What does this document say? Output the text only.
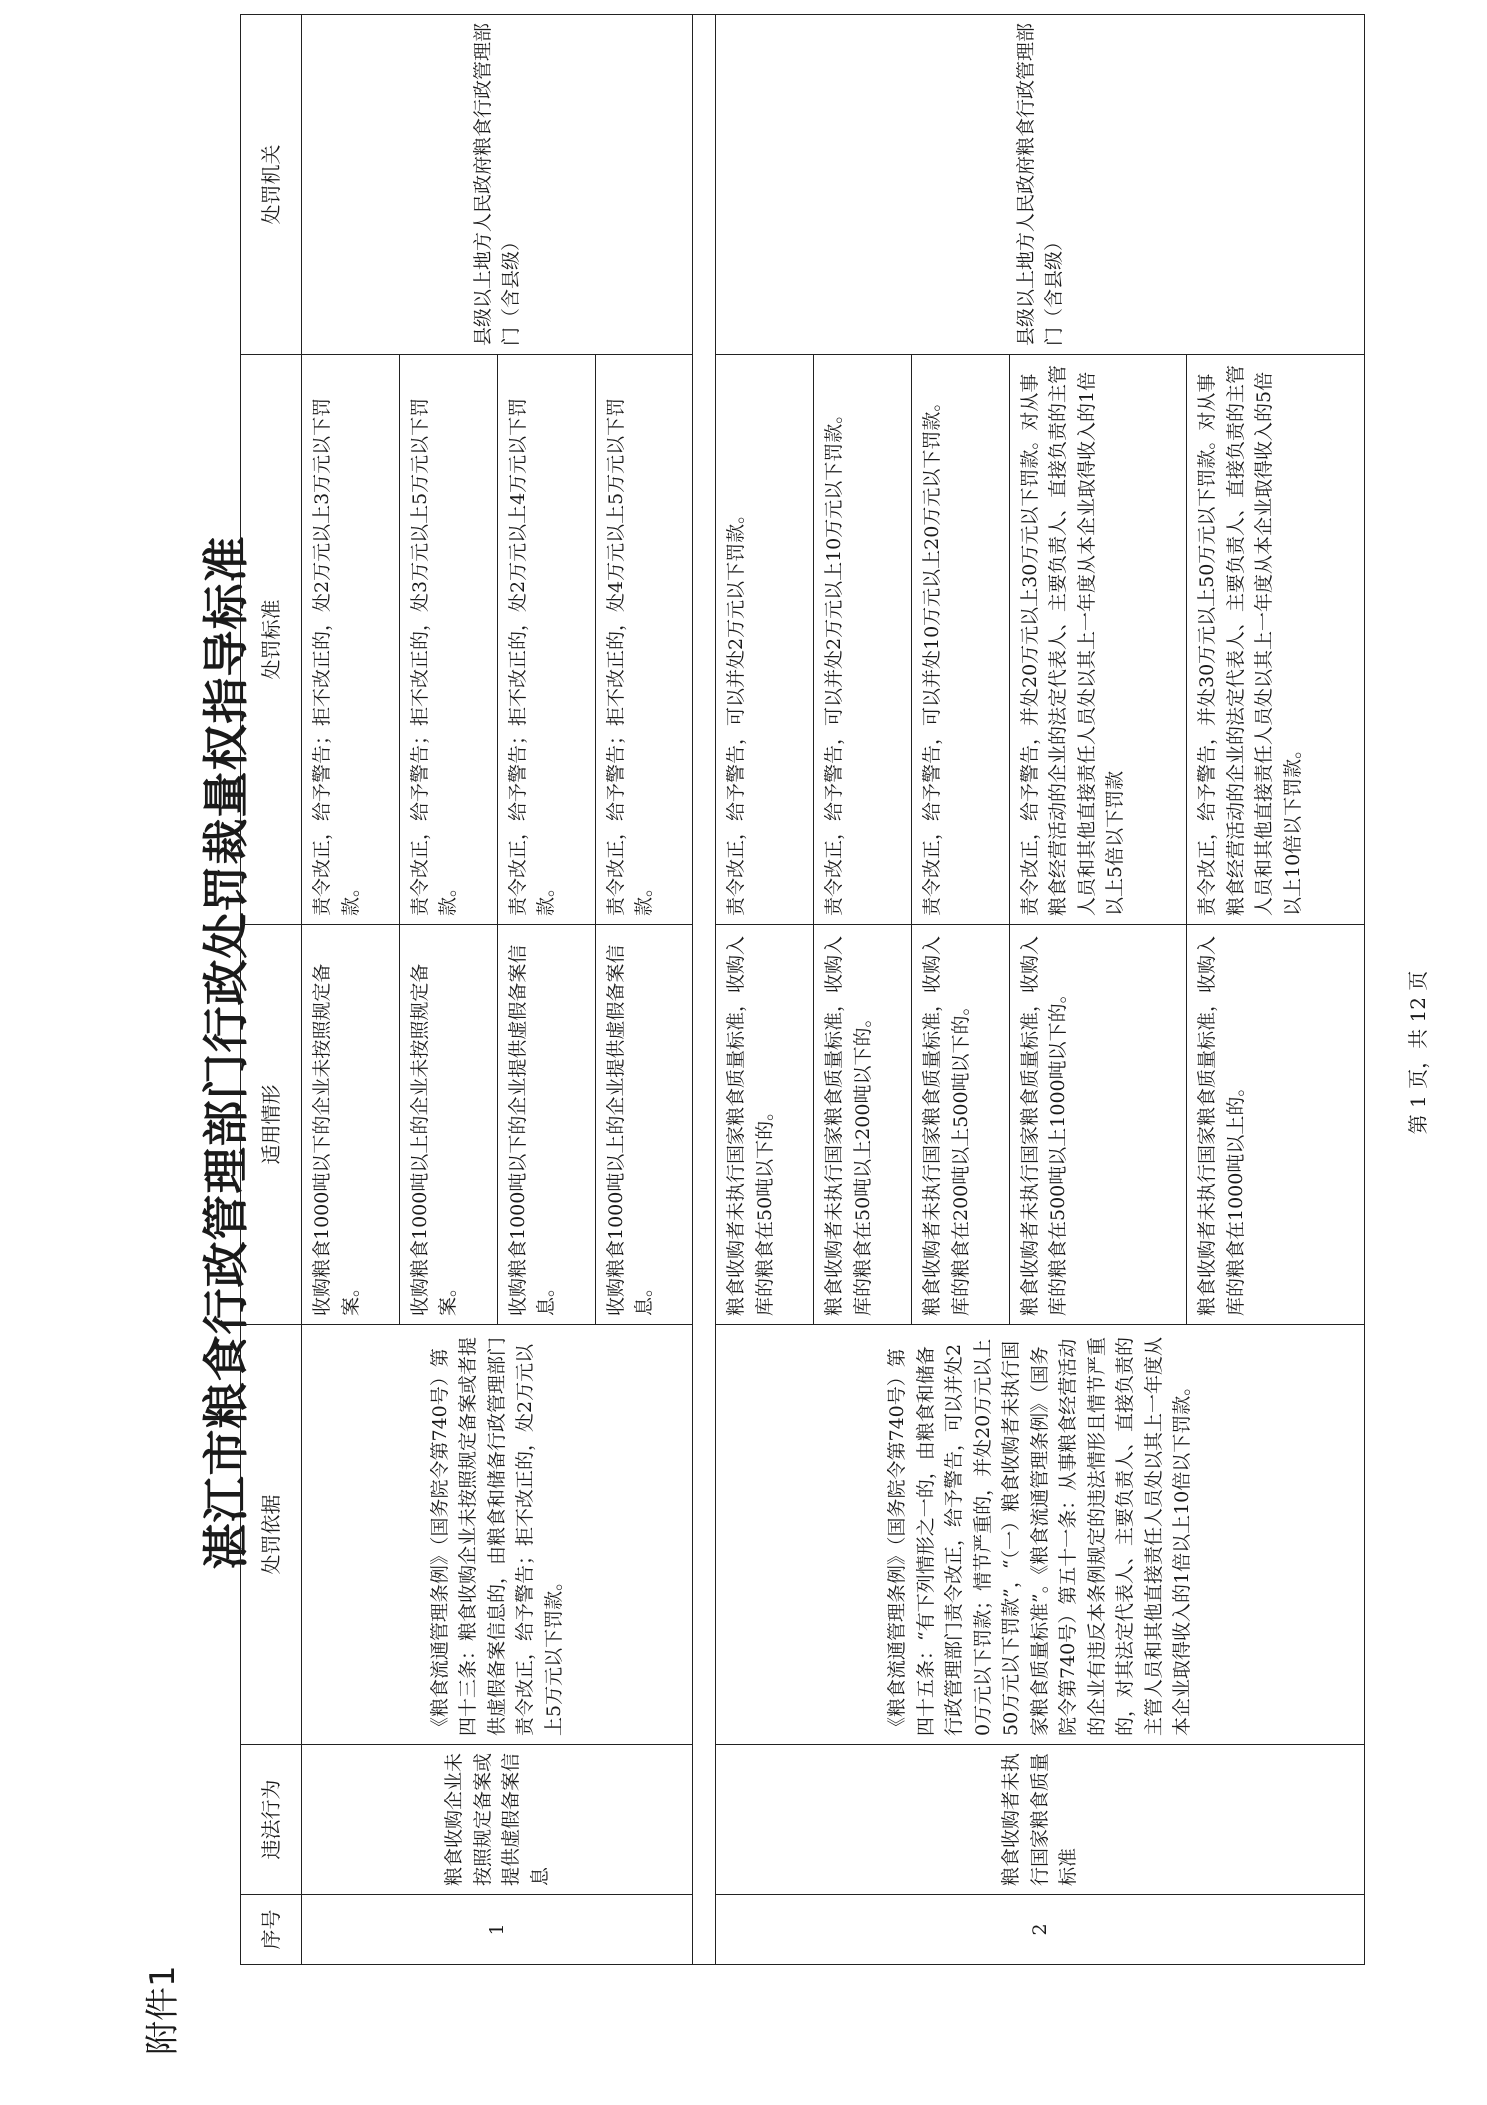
附件1
湛江市粮食行政管理部门行政处罚裁量权指导标准
序号	违法行为	处罚依据	适用情形	处罚标准	处罚机关
1	粮食收购企业未按照规定备案或提供虚假备案信息	《粮食流通管理条例》（国务院令第740号）第四十三条：粮食收购企业未按照规定备案或者提供虚假备案信息的，由粮食和储备行政管理部门责令改正，给予警告；拒不改正的，处2万元以上5万元以下罚款。	收购粮食1000吨以下的企业未按照规定备案。	责令改正，给予警告；拒不改正的，处2万元以上3万元以下罚款。	县级以上地方人民政府粮食行政管理部门（含县级）
			收购粮食1000吨以上的企业未按照规定备案。	责令改正，给予警告；拒不改正的，处3万元以上5万元以下罚款。	
			收购粮食1000吨以下的企业提供虚假备案信息。	责令改正，给予警告；拒不改正的，处2万元以上4万元以下罚款。	
			收购粮食1000吨以上的企业提供虚假备案信息。	责令改正，给予警告；拒不改正的，处4万元以上5万元以下罚款。	

2	粮食收购者未执行国家粮食质量标准	《粮食流通管理条例》（国务院令第740号）第四十五条：“有下列情形之一的，由粮食和储备行政管理部门责令改正，给予警告，可以并处20万元以下罚款；情节严重的，并处20万元以上50万元以下罚款”，“（一）粮食收购者未执行国家粮食质量标准”。《粮食流通管理条例》（国务院令第740号）第五十一条：从事粮食经营活动的企业有违反本条例规定的违法情形且情节严重的，对其法定代表人、主要负责人、直接负责的主管人员和其他直接责任人员处以其上一年度从本企业取得收入的1倍以上10倍以下罚款。	粮食收购者未执行国家粮食质量标准，收购入库的粮食在50吨以下的。	责令改正，给予警告，可以并处2万元以下罚款。	县级以上地方人民政府粮食行政管理部门（含县级）
			粮食收购者未执行国家粮食质量标准，收购入库的粮食在50吨以上200吨以下的。	责令改正，给予警告，可以并处2万元以上10万元以下罚款。	
			粮食收购者未执行国家粮食质量标准，收购入库的粮食在200吨以上500吨以下的。	责令改正，给予警告，可以并处10万元以上20万元以下罚款。	
			粮食收购者未执行国家粮食质量标准，收购入库的粮食在500吨以上1000吨以下的。	责令改正，给予警告，并处20万元以上30万元以下罚款。对从事粮食经营活动的企业的法定代表人、主要负责人、直接负责的主管人员和其他直接责任人员处以其上一年度从本企业取得收入的1倍以上5倍以下罚款	
			粮食收购者未执行国家粮食质量标准，收购入库的粮食在1000吨以上的。	责令改正，给予警告，并处30万元以上50万元以下罚款。对从事粮食经营活动的企业的法定代表人、主要负责人、直接负责的主管人员和其他直接责任人员处以其上一年度从本企业取得收入的5倍以上10倍以下罚款。	
第 1 页，共 12 页
